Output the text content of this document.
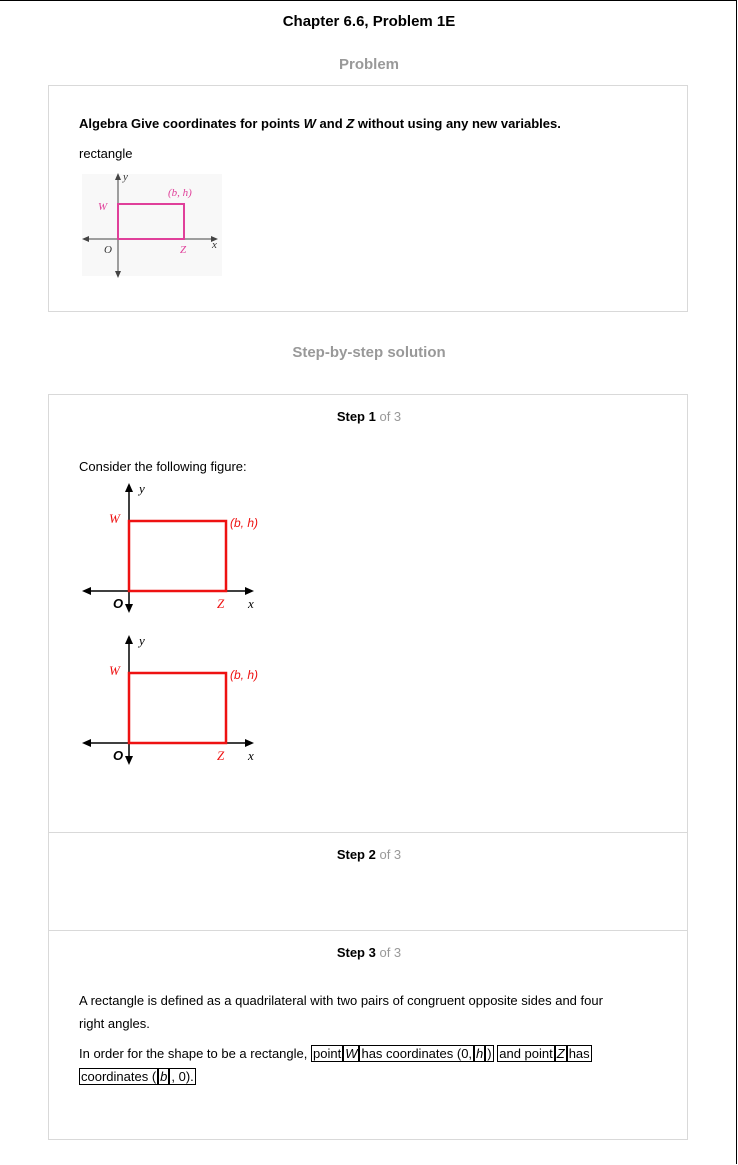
Chapter 6.6, Problem 1E
Problem
Algebra Give coordinates for points W and Z without using any new variables.
rectangle
y
x
O
W
Z
(b, h)
Step-by-step solution
Step 1 of 3
Consider the following figure:
y
x
O
W
Z
(b, h)
y
x
O
W
Z
(b, h)
Step 2 of 3
Step 3 of 3
A rectangle is defined as a quadrilateral with two pairs of congruent opposite sides and four
right angles.
In order for the shape to be a rectangle, point W has coordinates (0, h ) and point Z has
coordinates ( b , 0).
